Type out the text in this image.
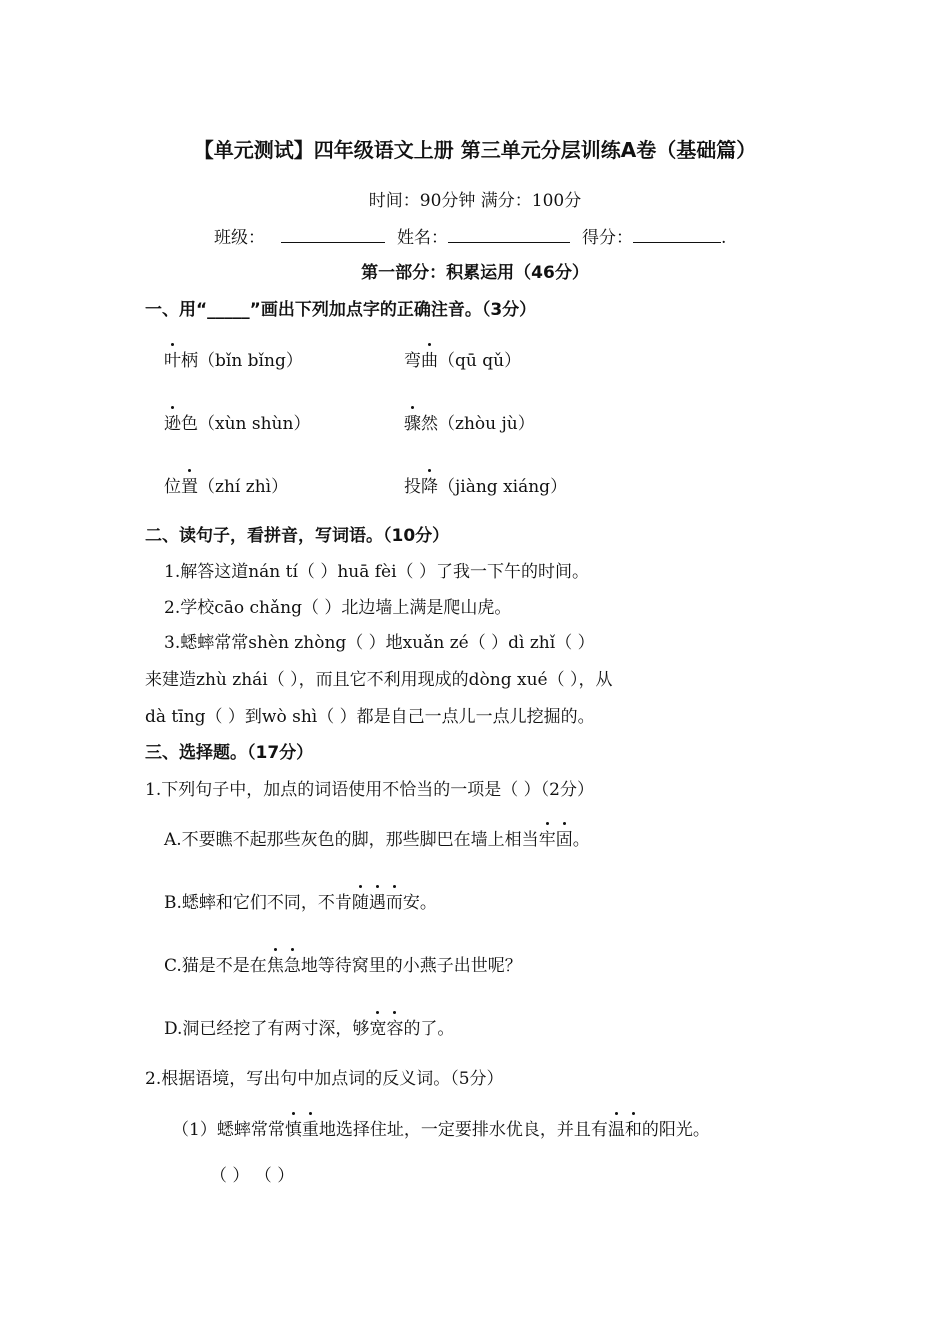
【单元测试】四年级语文上册 第三单元分层训练A卷（基础篇）
时间：90分钟 满分：100分
班级：	姓名：	得分：	.
第一部分：积累运用（46分）
一、用“_____”画出下列加点字的正确注音。（3分）
叶柄（bǐn bǐng）	弯曲（qū qǔ）
逊色（xùn shùn）	骤然（zhòu jù）
位置（zhí zhì）	投降（jiàng xiáng）
二、读句子，看拼音，写词语。（10分）
1.解答这道nán tí（ ）huā fèi（ ）了我一下午的时间。
2.学校cāo chǎng（ ）北边墙上满是爬山虎。
3.蟋蟀常常shèn zhòng（ ）地xuǎn zé（ ）dì zhǐ（ ）
来建造zhù zhái（ ），而且它不利用现成的dòng xué（ ），从
dà tīng（ ）到wò shì（ ）都是自己一点儿一点儿挖掘的。
三、选择题。（17分）
1.下列句子中，加点的词语使用不恰当的一项是（ ）（2分）
A.不要瞧不起那些灰色的脚，那些脚巴在墙上相当牢固。
B.蟋蟀和它们不同，不肯随遇而安。
C.猫是不是在焦急地等待窝里的小燕子出世呢？
D.洞已经挖了有两寸深，够宽容的了。
2.根据语境，写出句中加点词的反义词。（5分）
（1）蟋蟀常常慎重地选择住址，一定要排水优良，并且有温和的阳光。
（ ） （ ）
